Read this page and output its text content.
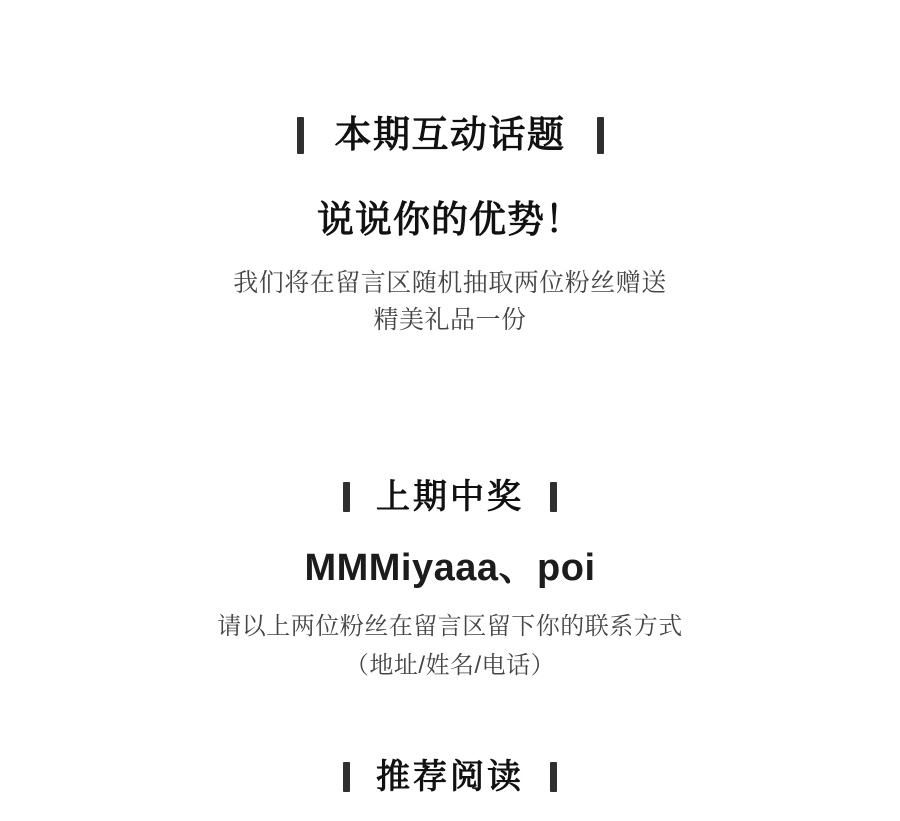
本期互动话题
说说你的优势！
我们将在留言区随机抽取两位粉丝赠送
精美礼品一份
上期中奖
MMMiyaaa、poi
请以上两位粉丝在留言区留下你的联系方式
（地址/姓名/电话）
推荐阅读
